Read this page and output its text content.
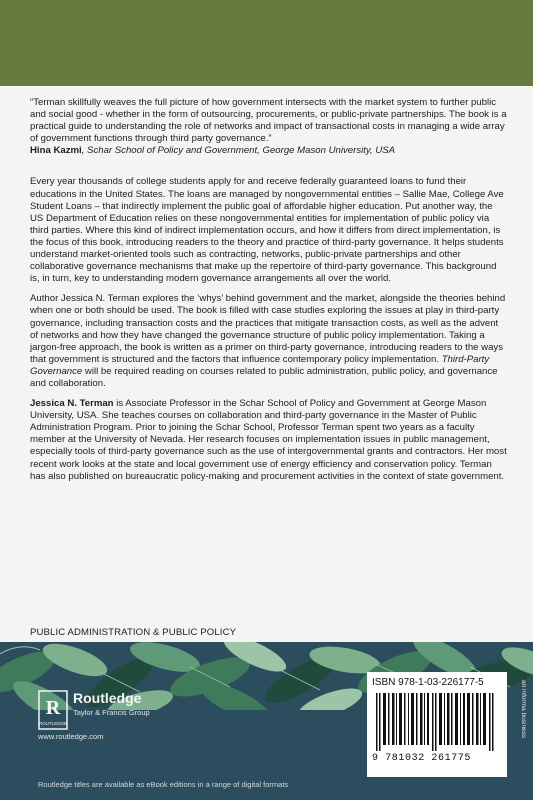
“Terman skillfully weaves the full picture of how government intersects with the market system to further public and social good - whether in the form of outsourcing, procurements, or public-private partnerships. The book is a practical guide to understanding the role of networks and impact of transactional costs in managing a wide array of government functions through third party governance.”

Hina Kazmi, Schar School of Policy and Government, George Mason University, USA

Every year thousands of college students apply for and receive federally guaranteed loans to fund their educations in the United States. The loans are managed by nongovernmental entities – Sallie Mae, College Ave Student Loans – that indirectly implement the public goal of affordable higher education. Put another way, the US Department of Education relies on these nongovernmental entities for implementation of public policy via third parties. Where this kind of indirect implementation occurs, and how it differs from direct implementation, is the focus of this book, introducing readers to the theory and practice of third-party governance. It helps students understand market-oriented tools such as contracting, networks, public-private partnerships and other collaborative governance mechanisms that make up the repertoire of third-party governance. This background is, in turn, key to understanding modern governance arrangements all over the world.

Author Jessica N. Terman explores the ‘whys’ behind government and the market, alongside the theories behind when one or both should be used. The book is filled with case studies exploring the issues at play in third-party governance, including transaction costs and the practices that mitigate transaction costs, as well as the advent of networks and how they have changed the governance structure of public policy implementation. Taking a jargon-free approach, the book is written as a primer on third-party governance, introducing readers to the ways that government is structured and the factors that influence contemporary policy implementation. Third-Party Governance will be required reading on courses related to public administration, public policy, and governance and collaboration.

Jessica N. Terman is Associate Professor in the Schar School of Policy and Government at George Mason University, USA. She teaches courses on collaboration and third-party governance in the Master of Public Administration Program. Prior to joining the Schar School, Professor Terman spent two years as a faculty member at the University of Nevada. Her research focuses on implementation issues in public management, especially tools of third-party governance such as the use of intergovernmental grants and contractors. Her most recent work looks at the state and local government use of energy efficiency and conservation policy. Terman has also published on bureaucratic policy-making and procurement activities in the context of state government.

PUBLIC ADMINISTRATION & PUBLIC POLICY
R
ROUTLEDGE
Routledge
Taylor & Francis Group
www.routledge.com
Routledge titles are available as eBook editions in a range of digital formats
ISBN 978-1-03-226177-5
9 781032 261775
an informa business
